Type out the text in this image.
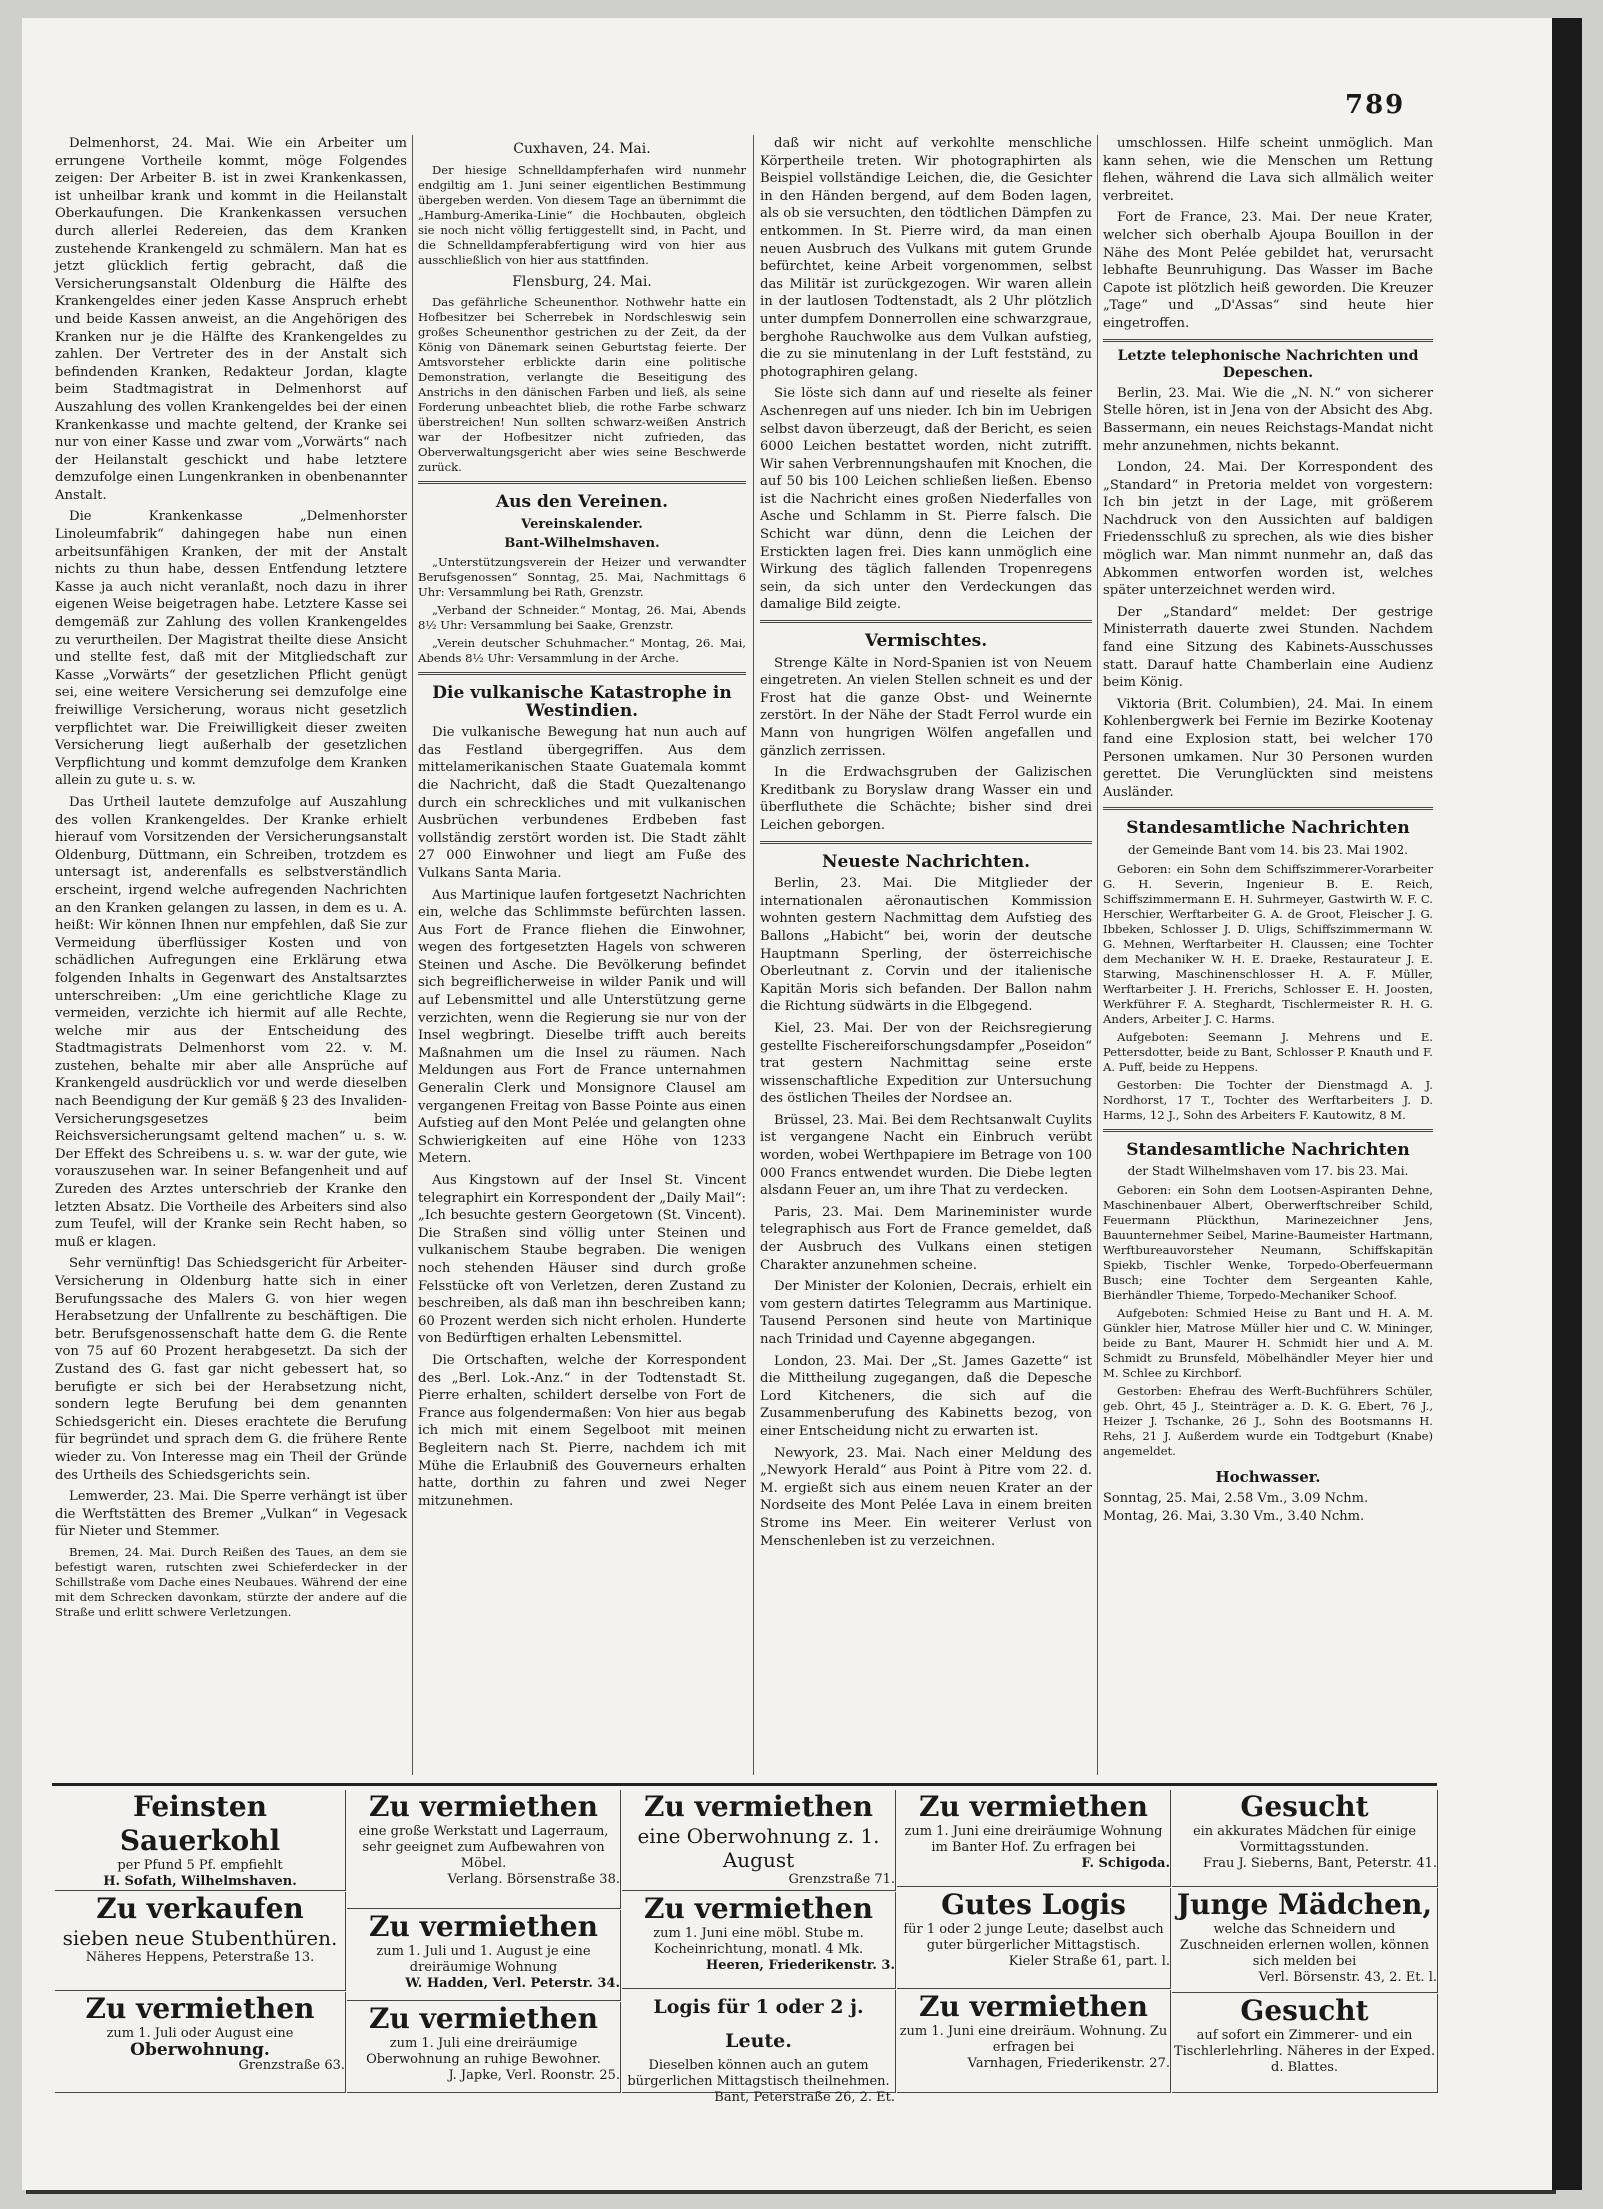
789

Delmenhorst, 24. Mai. Wie ein Arbeiter um errungene Vortheile kommt, möge Folgendes zeigen: Der Arbeiter B. ist in zwei Krankenkassen, ist unheilbar krank und kommt in die Heilanstalt Oberkaufungen. Die Krankenkassen versuchen durch allerlei Redereien, das dem Kranken zustehende Krankengeld zu schmälern. Man hat es jetzt glücklich fertig gebracht, daß die Versicherungsanstalt Oldenburg die Hälfte des Krankengeldes einer jeden Kasse Anspruch erhebt und beide Kassen anweist, an die Angehörigen des Kranken nur je die Hälfte des Krankengeldes zu zahlen. Der Vertreter des in der Anstalt sich befindenden Kranken, Redakteur Jordan, klagte beim Stadtmagistrat in Delmenhorst auf Auszahlung des vollen Krankengeldes bei der einen Krankenkasse und machte geltend, der Kranke sei nur von einer Kasse und zwar vom „Vorwärts“ nach der Heilanstalt geschickt und habe letztere demzufolge einen Lungenkranken in obenbenannter Anstalt.

Die Krankenkasse „Delmenhorster Linoleumfabrik“ dahingegen habe nun einen arbeitsunfähigen Kranken, der mit der Anstalt nichts zu thun habe, dessen Entfendung letztere Kasse ja auch nicht veranlaßt, noch dazu in ihrer eigenen Weise beigetragen habe. Letztere Kasse sei demgemäß zur Zahlung des vollen Krankengeldes zu verurtheilen. Der Magistrat theilte diese Ansicht und stellte fest, daß mit der Mitgliedschaft zur Kasse „Vorwärts“ der gesetzlichen Pflicht genügt sei, eine weitere Versicherung sei demzufolge eine freiwillige Versicherung, woraus nicht gesetzlich verpflichtet war. Die Freiwilligkeit dieser zweiten Versicherung liegt außerhalb der gesetzlichen Verpflichtung und kommt demzufolge dem Kranken allein zu gute u. s. w.

Das Urtheil lautete demzufolge auf Auszahlung des vollen Krankengeldes. Der Kranke erhielt hierauf vom Vorsitzenden der Versicherungsanstalt Oldenburg, Düttmann, ein Schreiben, trotzdem es untersagt ist, anderenfalls es selbstverständlich erscheint, irgend welche aufregenden Nachrichten an den Kranken gelangen zu lassen, in dem es u. A. heißt: Wir können Ihnen nur empfehlen, daß Sie zur Vermeidung überflüssiger Kosten und von schädlichen Aufregungen eine Erklärung etwa folgenden Inhalts in Gegenwart des Anstaltsarztes unterschreiben: „Um eine gerichtliche Klage zu vermeiden, verzichte ich hiermit auf alle Rechte, welche mir aus der Entscheidung des Stadtmagistrats Delmenhorst vom 22. v. M. zustehen, behalte mir aber alle Ansprüche auf Krankengeld ausdrücklich vor und werde dieselben nach Beendigung der Kur gemäß § 23 des Invaliden-Versicherungsgesetzes beim Reichsversicherungsamt geltend machen“ u. s. w. Der Effekt des Schreibens u. s. w. war der gute, wie vorauszusehen war. In seiner Befangenheit und auf Zureden des Arztes unterschrieb der Kranke den letzten Absatz. Die Vortheile des Arbeiters sind also zum Teufel, will der Kranke sein Recht haben, so muß er klagen.

Sehr vernünftig! Das Schiedsgericht für Arbeiter-Versicherung in Oldenburg hatte sich in einer Berufungssache des Malers G. von hier wegen Herabsetzung der Unfallrente zu beschäftigen. Die betr. Berufsgenossenschaft hatte dem G. die Rente von 75 auf 60 Prozent herabgesetzt. Da sich der Zustand des G. fast gar nicht gebessert hat, so berufigte er sich bei der Herabsetzung nicht, sondern legte Berufung bei dem genannten Schiedsgericht ein. Dieses erachtete die Berufung für begründet und sprach dem G. die frühere Rente wieder zu. Von Interesse mag ein Theil der Gründe des Urtheils des Schiedsgerichts sein.

Lemwerder, 23. Mai. Die Sperre verhängt ist über die Werftstätten des Bremer „Vulkan“ in Vegesack für Nieter und Stemmer.

Bremen, 24. Mai. Durch Reißen des Taues, an dem sie befestigt waren, rutschten zwei Schieferdecker in der Schillstraße vom Dache eines Neubaues. Während der eine mit dem Schrecken davonkam, stürzte der andere auf die Straße und erlitt schwere Verletzungen.

Cuxhaven, 24. Mai.

Der hiesige Schnelldampferhafen wird nunmehr endgiltig am 1. Juni seiner eigentlichen Bestimmung übergeben werden. Von diesem Tage an übernimmt die „Hamburg-Amerika-Linie“ die Hochbauten, obgleich sie noch nicht völlig fertiggestellt sind, in Pacht, und die Schnelldampferabfertigung wird von hier aus ausschließlich von hier aus stattfinden.

Flensburg, 24. Mai.

Das gefährliche Scheunenthor. Nothwehr hatte ein Hofbesitzer bei Scherrebek in Nordschleswig sein großes Scheunenthor gestrichen zu der Zeit, da der König von Dänemark seinen Geburtstag feierte. Der Amtsvorsteher erblickte darin eine politische Demonstration, verlangte die Beseitigung des Anstrichs in den dänischen Farben und ließ, als seine Forderung unbeachtet blieb, die rothe Farbe schwarz überstreichen! Nun sollten schwarz-weißen Anstrich war der Hofbesitzer nicht zufrieden, das Oberverwaltungsgericht aber wies seine Beschwerde zurück.

Aus den Vereinen.
Vereinskalender.
Bant-Wilhelmshaven.

„Unterstützungsverein der Heizer und verwandter Berufsgenossen“ Sonntag, 25. Mai, Nachmittags 6 Uhr: Versammlung bei Rath, Grenzstr.

„Verband der Schneider.“ Montag, 26. Mai, Abends 8½ Uhr: Versammlung bei Saake, Grenzstr.

„Verein deutscher Schuhmacher.“ Montag, 26. Mai, Abends 8½ Uhr: Versammlung in der Arche.

Die vulkanische Katastrophe in Westindien.

Die vulkanische Bewegung hat nun auch auf das Festland übergegriffen. Aus dem mittelamerikanischen Staate Guatemala kommt die Nachricht, daß die Stadt Quezaltenango durch ein schreckliches und mit vulkanischen Ausbrüchen verbundenes Erdbeben fast vollständig zerstört worden ist. Die Stadt zählt 27 000 Einwohner und liegt am Fuße des Vulkans Santa Maria.

Aus Martinique laufen fortgesetzt Nachrichten ein, welche das Schlimmste befürchten lassen. Aus Fort de France fliehen die Einwohner, wegen des fortgesetzten Hagels von schweren Steinen und Asche. Die Bevölkerung befindet sich begreiflicherweise in wilder Panik und will auf Lebensmittel und alle Unterstützung gerne verzichten, wenn die Regierung sie nur von der Insel wegbringt. Dieselbe trifft auch bereits Maßnahmen um die Insel zu räumen. Nach Meldungen aus Fort de France unternahmen Generalin Clerk und Monsignore Clausel am vergangenen Freitag von Basse Pointe aus einen Aufstieg auf den Mont Pelée und gelangten ohne Schwierigkeiten auf eine Höhe von 1233 Metern.

Aus Kingstown auf der Insel St. Vincent telegraphirt ein Korrespondent der „Daily Mail“: „Ich besuchte gestern Georgetown (St. Vincent). Die Straßen sind völlig unter Steinen und vulkanischem Staube begraben. Die wenigen noch stehenden Häuser sind durch große Felsstücke oft von Verletzen, deren Zustand zu beschreiben, als daß man ihn beschreiben kann; 60 Prozent werden sich nicht erholen. Hunderte von Bedürftigen erhalten Lebensmittel.

Die Ortschaften, welche der Korrespondent des „Berl. Lok.-Anz.“ in der Todtenstadt St. Pierre erhalten, schildert derselbe von Fort de France aus folgendermaßen: Von hier aus begab ich mich mit einem Segelboot mit meinen Begleitern nach St. Pierre, nachdem ich mit Mühe die Erlaubniß des Gouverneurs erhalten hatte, dorthin zu fahren und zwei Neger mitzunehmen.

daß wir nicht auf verkohlte menschliche Körpertheile treten. Wir photographirten als Beispiel vollständige Leichen, die, die Gesichter in den Händen bergend, auf dem Boden lagen, als ob sie versuchten, den tödtlichen Dämpfen zu entkommen. In St. Pierre wird, da man einen neuen Ausbruch des Vulkans mit gutem Grunde befürchtet, keine Arbeit vorgenommen, selbst das Militär ist zurückgezogen. Wir waren allein in der lautlosen Todtenstadt, als 2 Uhr plötzlich unter dumpfem Donnerrollen eine schwarzgraue, berghohe Rauchwolke aus dem Vulkan aufstieg, die zu sie minutenlang in der Luft festständ, zu photographiren gelang.

Sie löste sich dann auf und rieselte als feiner Aschenregen auf uns nieder. Ich bin im Uebrigen selbst davon überzeugt, daß der Bericht, es seien 6000 Leichen bestattet worden, nicht zutrifft. Wir sahen Verbrennungshaufen mit Knochen, die auf 50 bis 100 Leichen schließen ließen. Ebenso ist die Nachricht eines großen Niederfalles von Asche und Schlamm in St. Pierre falsch. Die Schicht war dünn, denn die Leichen der Erstickten lagen frei. Dies kann unmöglich eine Wirkung des täglich fallenden Tropenregens sein, da sich unter den Verdeckungen das damalige Bild zeigte.

Vermischtes.

Strenge Kälte in Nord-Spanien ist von Neuem eingetreten. An vielen Stellen schneit es und der Frost hat die ganze Obst- und Weinernte zerstört. In der Nähe der Stadt Ferrol wurde ein Mann von hungrigen Wölfen angefallen und gänzlich zerrissen.

In die Erdwachsgruben der Galizischen Kreditbank zu Boryslaw drang Wasser ein und überfluthete die Schächte; bisher sind drei Leichen geborgen.

Neueste Nachrichten.

Berlin, 23. Mai. Die Mitglieder der internationalen aëronautischen Kommission wohnten gestern Nachmittag dem Aufstieg des Ballons „Habicht“ bei, worin der deutsche Hauptmann Sperling, der österreichische Oberleutnant z. Corvin und der italienische Kapitän Moris sich befanden. Der Ballon nahm die Richtung südwärts in die Elbgegend.

Kiel, 23. Mai. Der von der Reichsregierung gestellte Fischereiforschungsdampfer „Poseidon“ trat gestern Nachmittag seine erste wissenschaftliche Expedition zur Untersuchung des östlichen Theiles der Nordsee an.

Brüssel, 23. Mai. Bei dem Rechtsanwalt Cuylits ist vergangene Nacht ein Einbruch verübt worden, wobei Werthpapiere im Betrage von 100 000 Francs entwendet wurden. Die Diebe legten alsdann Feuer an, um ihre That zu verdecken.

Paris, 23. Mai. Dem Marineminister wurde telegraphisch aus Fort de France gemeldet, daß der Ausbruch des Vulkans einen stetigen Charakter anzunehmen scheine.

Der Minister der Kolonien, Decrais, erhielt ein vom gestern datirtes Telegramm aus Martinique. Tausend Personen sind heute von Martinique nach Trinidad und Cayenne abgegangen.

London, 23. Mai. Der „St. James Gazette“ ist die Mittheilung zugegangen, daß die Depesche Lord Kitcheners, die sich auf die Zusammenberufung des Kabinetts bezog, von einer Entscheidung nicht zu erwarten ist.

Newyork, 23. Mai. Nach einer Meldung des „Newyork Herald“ aus Point à Pitre vom 22. d. M. ergießt sich aus einem neuen Krater an der Nordseite des Mont Pelée Lava in einem breiten Strome ins Meer. Ein weiterer Verlust von Menschenleben ist zu verzeichnen.

umschlossen. Hilfe scheint unmöglich. Man kann sehen, wie die Menschen um Rettung flehen, während die Lava sich allmälich weiter verbreitet.

Fort de France, 23. Mai. Der neue Krater, welcher sich oberhalb Ajoupa Bouillon in der Nähe des Mont Pelée gebildet hat, verursacht lebhafte Beunruhigung. Das Wasser im Bache Capote ist plötzlich heiß geworden. Die Kreuzer „Tage“ und „D'Assas“ sind heute hier eingetroffen.

Letzte telephonische Nachrichten und Depeschen.

Berlin, 23. Mai. Wie die „N. N.“ von sicherer Stelle hören, ist in Jena von der Absicht des Abg. Bassermann, ein neues Reichstags-Mandat nicht mehr anzunehmen, nichts bekannt.

London, 24. Mai. Der Korrespondent des „Standard“ in Pretoria meldet von vorgestern: Ich bin jetzt in der Lage, mit größerem Nachdruck von den Aussichten auf baldigen Friedensschluß zu sprechen, als wie dies bisher möglich war. Man nimmt nunmehr an, daß das Abkommen entworfen worden ist, welches später unterzeichnet werden wird.

Der „Standard“ meldet: Der gestrige Ministerrath dauerte zwei Stunden. Nachdem fand eine Sitzung des Kabinets-Ausschusses statt. Darauf hatte Chamberlain eine Audienz beim König.

Viktoria (Brit. Columbien), 24. Mai. In einem Kohlenbergwerk bei Fernie im Bezirke Kootenay fand eine Explosion statt, bei welcher 170 Personen umkamen. Nur 30 Personen wurden gerettet. Die Verunglückten sind meistens Ausländer.

Standesamtliche Nachrichten
der Gemeinde Bant vom 14. bis 23. Mai 1902.

Geboren: ein Sohn dem Schiffszimmerer-Vorarbeiter G. H. Severin, Ingenieur B. E. Reich, Schiffszimmermann E. H. Suhrmeyer, Gastwirth W. F. C. Herschier, Werftarbeiter G. A. de Groot, Fleischer J. G. Ibbeken, Schlosser J. D. Uligs, Schiffszimmermann W. G. Mehnen, Werftarbeiter H. Claussen; eine Tochter dem Mechaniker W. H. E. Draeke, Restaurateur J. E. Starwing, Maschinenschlosser H. A. F. Müller, Werftarbeiter J. H. Frerichs, Schlosser E. H. Joosten, Werkführer F. A. Steghardt, Tischlermeister R. H. G. Anders, Arbeiter J. C. Harms.

Aufgeboten: Seemann J. Mehrens und E. Pettersdotter, beide zu Bant, Schlosser P. Knauth und F. A. Puff, beide zu Heppens.

Gestorben: Die Tochter der Dienstmagd A. J. Nordhorst, 17 T., Tochter des Werftarbeiters J. D. Harms, 12 J., Sohn des Arbeiters F. Kautowitz, 8 M.

Standesamtliche Nachrichten
der Stadt Wilhelmshaven vom 17. bis 23. Mai.

Geboren: ein Sohn dem Lootsen-Aspiranten Dehne, Maschinenbauer Albert, Oberwerftschreiber Schild, Feuermann Plückthun, Marinezeichner Jens, Bauunternehmer Seibel, Marine-Baumeister Hartmann, Werftbureauvorsteher Neumann, Schiffskapitän Spiekb, Tischler Wenke, Torpedo-Oberfeuermann Busch; eine Tochter dem Sergeanten Kahle, Bierhändler Thieme, Torpedo-Mechaniker Schoof.

Aufgeboten: Schmied Heise zu Bant und H. A. M. Günkler hier, Matrose Müller hier und C. W. Mininger, beide zu Bant, Maurer H. Schmidt hier und A. M. Schmidt zu Brunsfeld, Möbelhändler Meyer hier und M. Schlee zu Kirchborf.

Gestorben: Ehefrau des Werft-Buchführers Schüler, geb. Ohrt, 45 J., Steinträger a. D. K. G. Ebert, 76 J., Heizer J. Tschanke, 26 J., Sohn des Bootsmanns H. Rehs, 21 J. Außerdem wurde ein Todtgeburt (Knabe) angemeldet.

Hochwasser.
Sonntag, 25. Mai, 2.58 Vm., 3.09 Nchm.
Montag, 26. Mai, 3.30 Vm., 3.40 Nchm.
Feinsten Sauerkohl
per Pfund 5 Pf. empfiehlt
H. Sofath, Wilhelmshaven.
Zu verkaufen
sieben neue Stubenthüren.
Näheres Heppens, Peterstraße 13.
Zu vermiethen
zum 1. Juli oder August eine
Oberwohnung.
Grenzstraße 63.
Zu vermiethen
eine große Werkstatt und Lagerraum, sehr geeignet zum Aufbewahren von Möbel.
Verlang. Börsenstraße 38.
Zu vermiethen
zum 1. Juli und 1. August je eine dreiräumige Wohnung
W. Hadden, Verl. Peterstr. 34.
Zu vermiethen
zum 1. Juli eine dreiräumige Oberwohnung an ruhige Bewohner.
J. Japke, Verl. Roonstr. 25.
Zu vermiethen
eine Oberwohnung z. 1. August
Grenzstraße 71.
Zu vermiethen
zum 1. Juni eine möbl. Stube m. Kocheinrichtung, monatl. 4 Mk.
Heeren, Friederikenstr. 3.
Logis für 1 oder 2 j. Leute.
Dieselben können auch an gutem bürgerlichen Mittagstisch theilnehmen.
Bant, Peterstraße 26, 2. Et.
Zu vermiethen
zum 1. Juni eine dreiräumige Wohnung im Banter Hof. Zu erfragen bei
F. Schigoda.
Gutes Logis
für 1 oder 2 junge Leute; daselbst auch guter bürgerlicher Mittagstisch.
Kieler Straße 61, part. l.
Zu vermiethen
zum 1. Juni eine dreiräum. Wohnung. Zu erfragen bei
Varnhagen, Friederikenstr. 27.
Gesucht
ein akkurates Mädchen für einige Vormittagsstunden.
Frau J. Sieberns, Bant, Peterstr. 41.
Junge Mädchen,
welche das Schneidern und Zuschneiden erlernen wollen, können sich melden bei
Verl. Börsenstr. 43, 2. Et. l.
Gesucht
auf sofort ein Zimmerer- und ein Tischlerlehrling. Näheres in der Exped. d. Blattes.
